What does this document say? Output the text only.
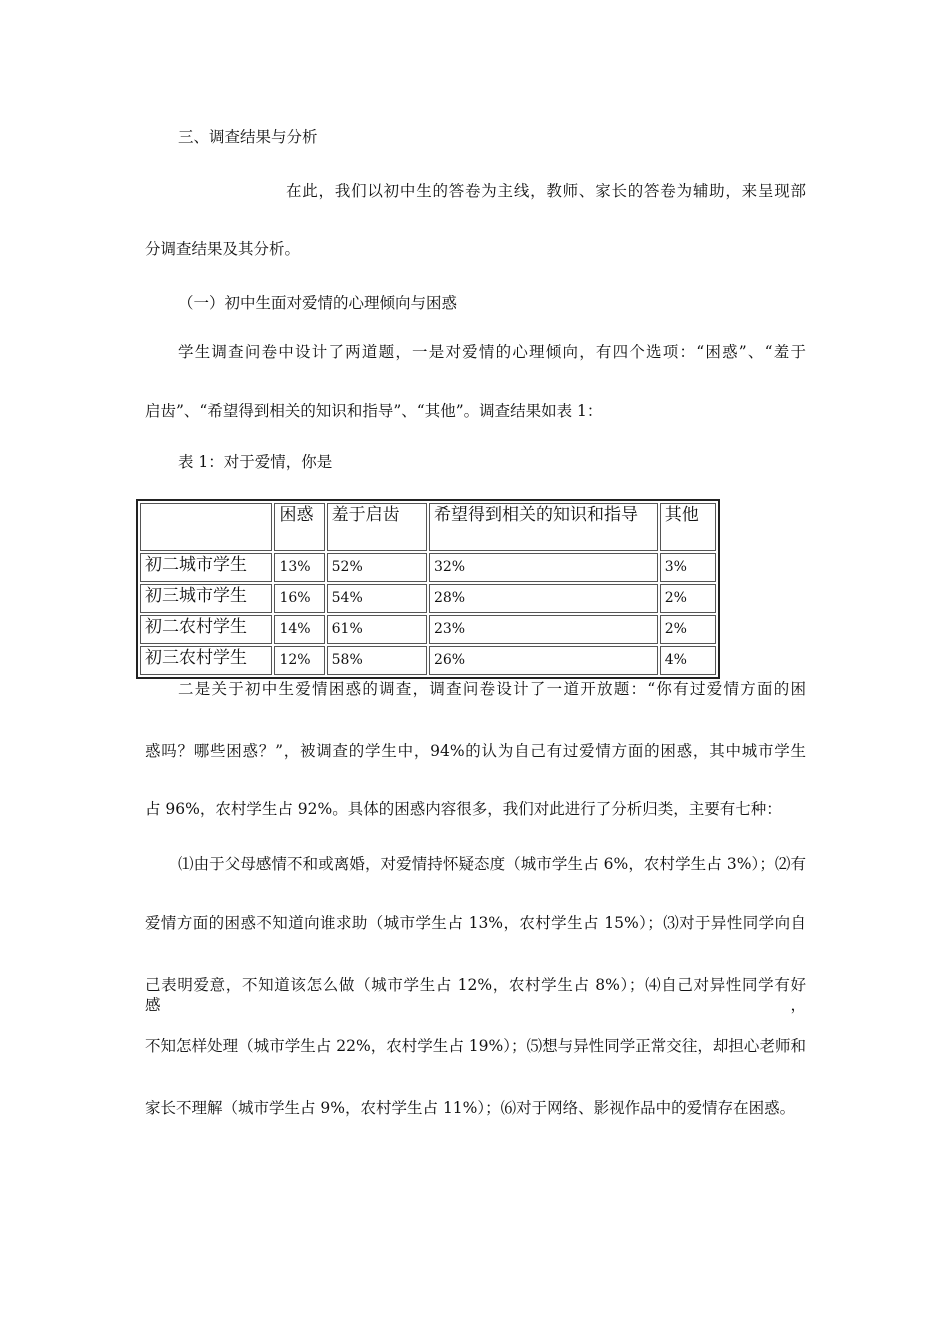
三、调查结果与分析

在此，我们以初中生的答卷为主线，教师、家长的答卷为辅助，来呈现部

分调查结果及其分析。

（一）初中生面对爱情的心理倾向与困惑

学生调查问卷中设计了两道题，一是对爱情的心理倾向，有四个选项：“困惑”、“羞于

启齿”、“希望得到相关的知识和指导”、“其他”。调查结果如表 1：

表 1：对于爱情，你是

	困惑	羞于启齿	希望得到相关的知识和指导	其他
初二城市学生	13%	52%	32%	3%
初三城市学生	16%	54%	28%	2%
初二农村学生	14%	61%	23%	2%
初三农村学生	12%	58%	26%	4%

二是关于初中生爱情困惑的调查，调查问卷设计了一道开放题：“你有过爱情方面的困

惑吗？哪些困惑？”，被调查的学生中，94%的认为自己有过爱情方面的困惑，其中城市学生

占 96%，农村学生占 92%。具体的困惑内容很多，我们对此进行了分析归类，主要有七种：

⑴由于父母感情不和或离婚，对爱情持怀疑态度（城市学生占 6%，农村学生占 3%）；⑵有

爱情方面的困惑不知道向谁求助（城市学生占 13%，农村学生占 15%）；⑶对于异性同学向自

己表明爱意，不知道该怎么做（城市学生占 12%，农村学生占 8%）；⑷自己对异性同学有好感，

不知怎样处理（城市学生占 22%，农村学生占 19%）；⑸想与异性同学正常交往，却担心老师和

家长不理解（城市学生占 9%，农村学生占 11%）；⑹对于网络、影视作品中的爱情存在困惑。
